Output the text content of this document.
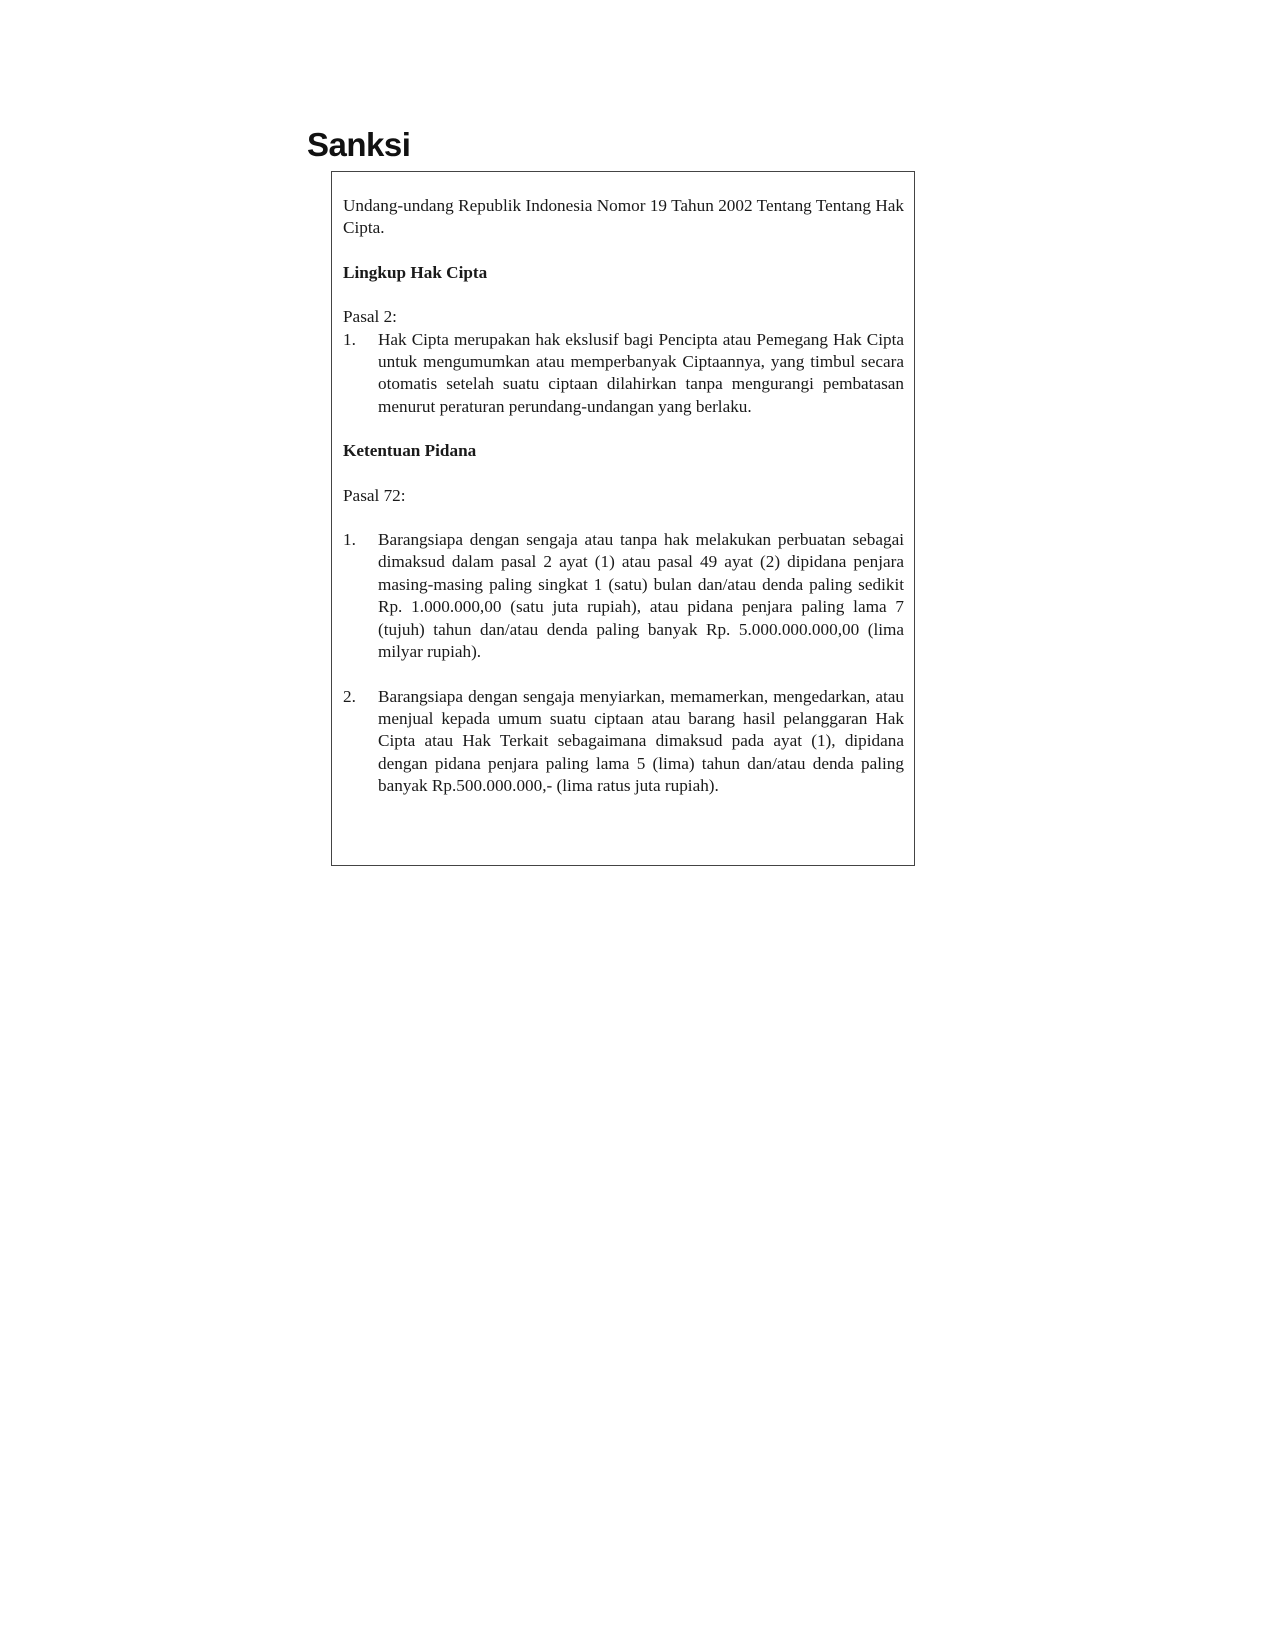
Sanksi

Undang-undang Republik Indonesia Nomor 19 Tahun 2002 Tentang Tentang Hak Cipta.

Lingkup Hak Cipta

Pasal 2:

1.	Hak Cipta merupakan hak ekslusif bagi Pencipta atau Pemegang Hak Cipta untuk mengumumkan atau memperbanyak Ciptaannya, yang timbul secara otomatis setelah suatu ciptaan dilahirkan tanpa mengurangi pembatasan menurut peraturan perundang-undangan yang berlaku.

Ketentuan Pidana

Pasal 72:

1.	Barangsiapa dengan sengaja atau tanpa hak melakukan perbuatan sebagai dimaksud dalam pasal 2 ayat (1) atau pasal 49 ayat (2) dipidana penjara masing-masing paling singkat 1 (satu) bulan dan/atau denda paling sedikit Rp. 1.000.000,00 (satu juta rupiah), atau pidana penjara paling lama 7 (tujuh) tahun dan/atau denda paling banyak Rp. 5.000.000.000,00 (lima milyar rupiah).
2.	Barangsiapa dengan sengaja menyiarkan, memamerkan, mengedarkan, atau menjual kepada umum suatu ciptaan atau barang hasil pelanggaran Hak Cipta atau Hak Terkait sebagaimana dimaksud pada ayat (1), dipidana dengan pidana penjara paling lama 5 (lima) tahun dan/atau denda paling banyak Rp.500.000.000,- (lima ratus juta rupiah).
